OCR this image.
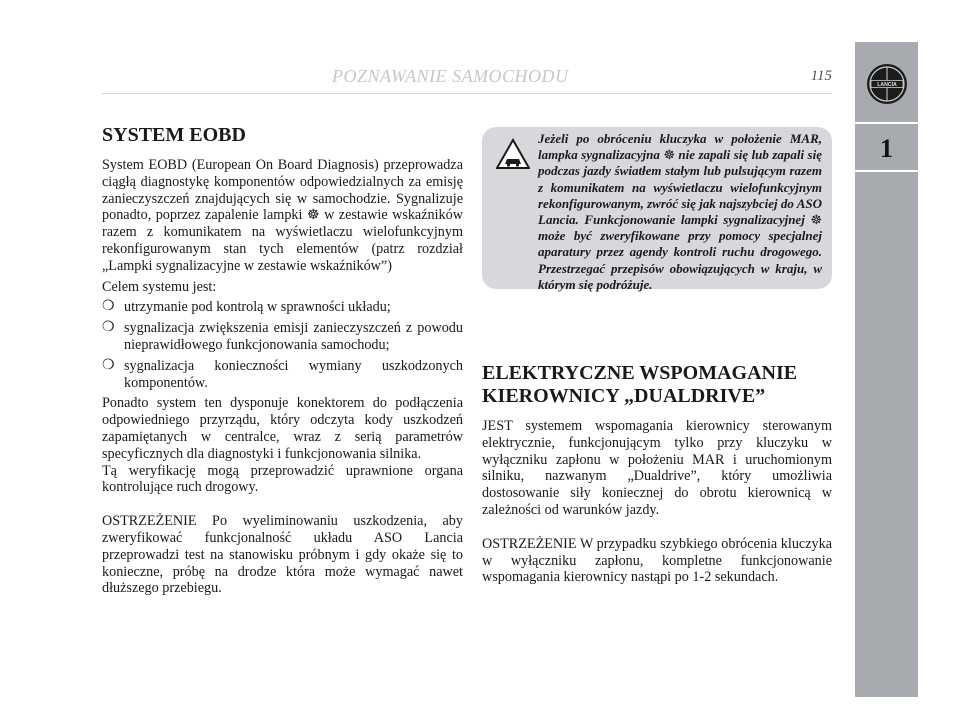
POZNAWANIE SAMOCHODU	115
LANCIA
1
SYSTEM EOBD

System EOBD (European On Board Diagnosis) przeprowadza ciągłą diagnostykę komponentów odpowiedzialnych za emisję zanieczyszczeń znajdujących się w samochodzie. Sygnalizuje ponadto, poprzez zapalenie lampki ☸ w zestawie wskaźników razem z komunikatem na wyświetlaczu wielofunkcyjnym rekonfigurowanym stan tych elementów (patrz rozdział „Lampki sygnalizacyjne w zestawie wskaźników”)

Celem systemu jest:

❍ utrzymanie pod kontrolą w sprawności układu;
❍ sygnalizacja zwiększenia emisji zanieczyszczeń z powodu nieprawidłowego funkcjonowania samochodu;
❍ sygnalizacja konieczności wymiany uszkodzonych komponentów.

Ponadto system ten dysponuje konektorem do podłączenia odpowiedniego przyrządu, który odczyta kody uszkodzeń zapamiętanych w centralce, wraz z serią parametrów specyficznych dla diagnostyki i funkcjonowania silnika.

Tą weryfikację mogą przeprowadzić uprawnione organa kontrolujące ruch drogowy.

OSTRZEŻENIE Po wyeliminowaniu uszkodzenia, aby zweryfikować funkcjonalność układu ASO Lancia przeprowadzi test na stanowisku próbnym i gdy okaże się to konieczne, próbę na drodze która może wymagać nawet dłuższego przebiegu.

Jeżeli po obróceniu kluczyka w położenie MAR, lampka sygnalizacyjna ☸ nie zapali się lub zapali się podczas jazdy światłem stałym lub pulsującym razem z komunikatem na wyświetlaczu wielofunkcyjnym rekonfigurowanym, zwróć się jak najszybciej do ASO Lancia. Funkcjonowanie lampki sygnalizacyjnej ☸ może być zweryfikowane przy pomocy specjalnej aparatury przez agendy kontroli ruchu drogowego. Przestrzegać przepisów obowiązujących w kraju, w którym się podróżuje.
ELEKTRYCZNE WSPOMAGANIE KIEROWNICY „DUALDRIVE”

JEST systemem wspomagania kierownicy sterowanym elektrycznie, funkcjonującym tylko przy kluczyku w wyłączniku zapłonu w położeniu MAR i uruchomionym silniku, nazwanym „Dualdrive”, który umożliwia dostosowanie siły koniecznej do obrotu kierownicą w zależności od warunków jazdy.

OSTRZEŻENIE W przypadku szybkiego obrócenia kluczyka w wyłączniku zapłonu, kompletne funkcjonowanie wspomagania kierownicy nastąpi po 1-2 sekundach.
